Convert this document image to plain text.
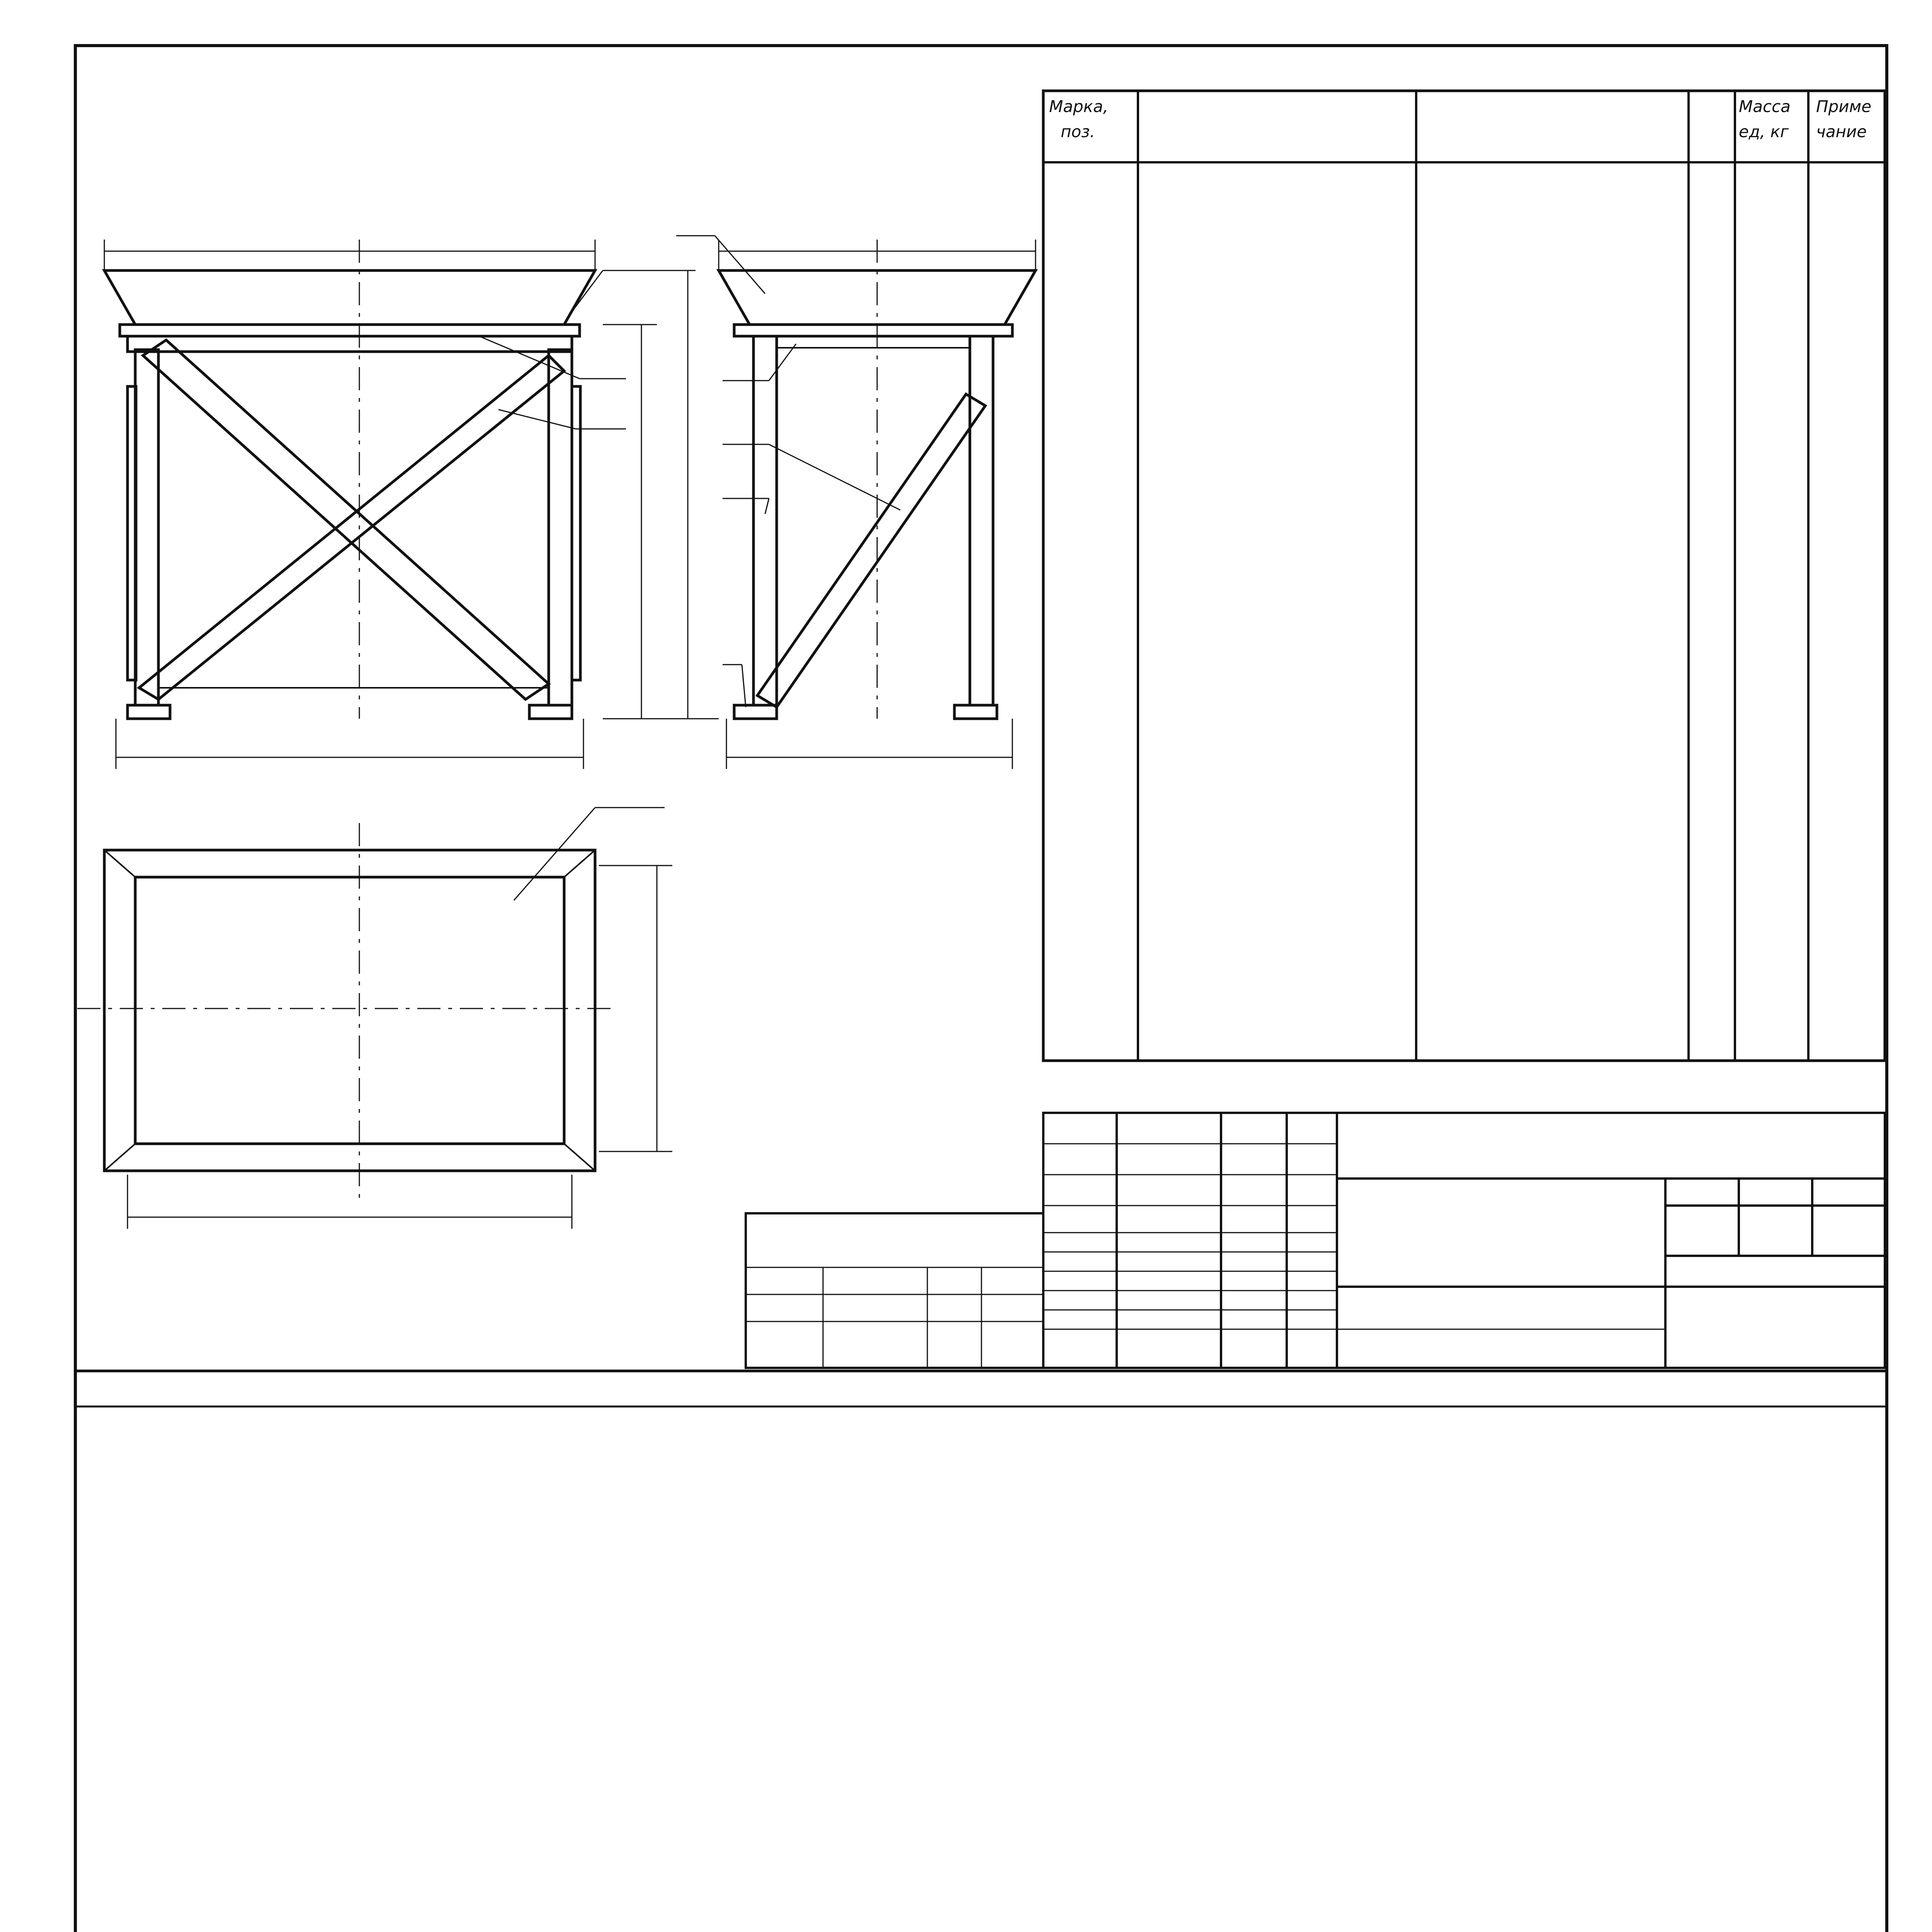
Марка,
поз.
Масса
ед, кг
Приме
чание
